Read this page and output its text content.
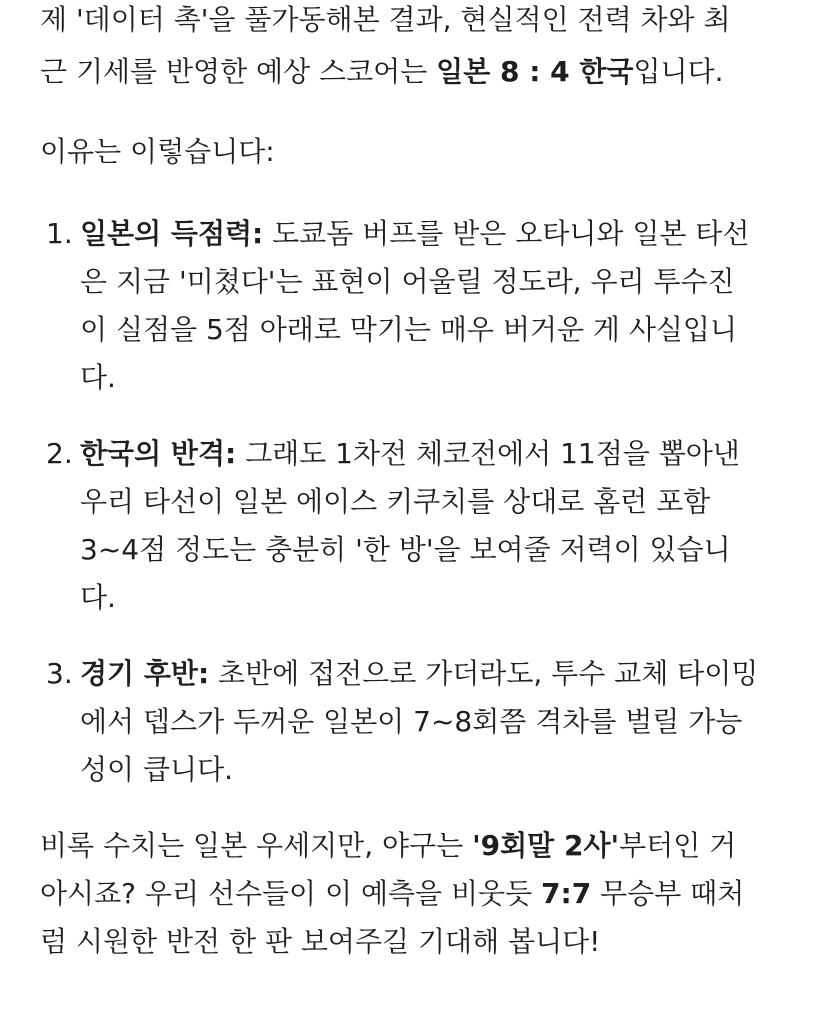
제 '데이터 촉'을 풀가동해본 결과, 현실적인 전력 차와 최
근 기세를 반영한 예상 스코어는 일본 8 : 4 한국입니다.

이유는 이렇습니다:

1. 일본의 득점력: 도쿄돔 버프를 받은 오타니와 일본 타선
은 지금 '미쳤다'는 표현이 어울릴 정도라, 우리 투수진
이 실점을 5점 아래로 막기는 매우 버거운 게 사실입니
다.
2. 한국의 반격: 그래도 1차전 체코전에서 11점을 뽑아낸
우리 타선이 일본 에이스 키쿠치를 상대로 홈런 포함
3~4점 정도는 충분히 '한 방'을 보여줄 저력이 있습니
다.
3. 경기 후반: 초반에 접전으로 가더라도, 투수 교체 타이밍
에서 뎁스가 두꺼운 일본이 7~8회쯤 격차를 벌릴 가능
성이 큽니다.

비록 수치는 일본 우세지만, 야구는 '9회말 2사'부터인 거
아시죠? 우리 선수들이 이 예측을 비웃듯 7:7 무승부 때처
럼 시원한 반전 한 판 보여주길 기대해 봅니다!
